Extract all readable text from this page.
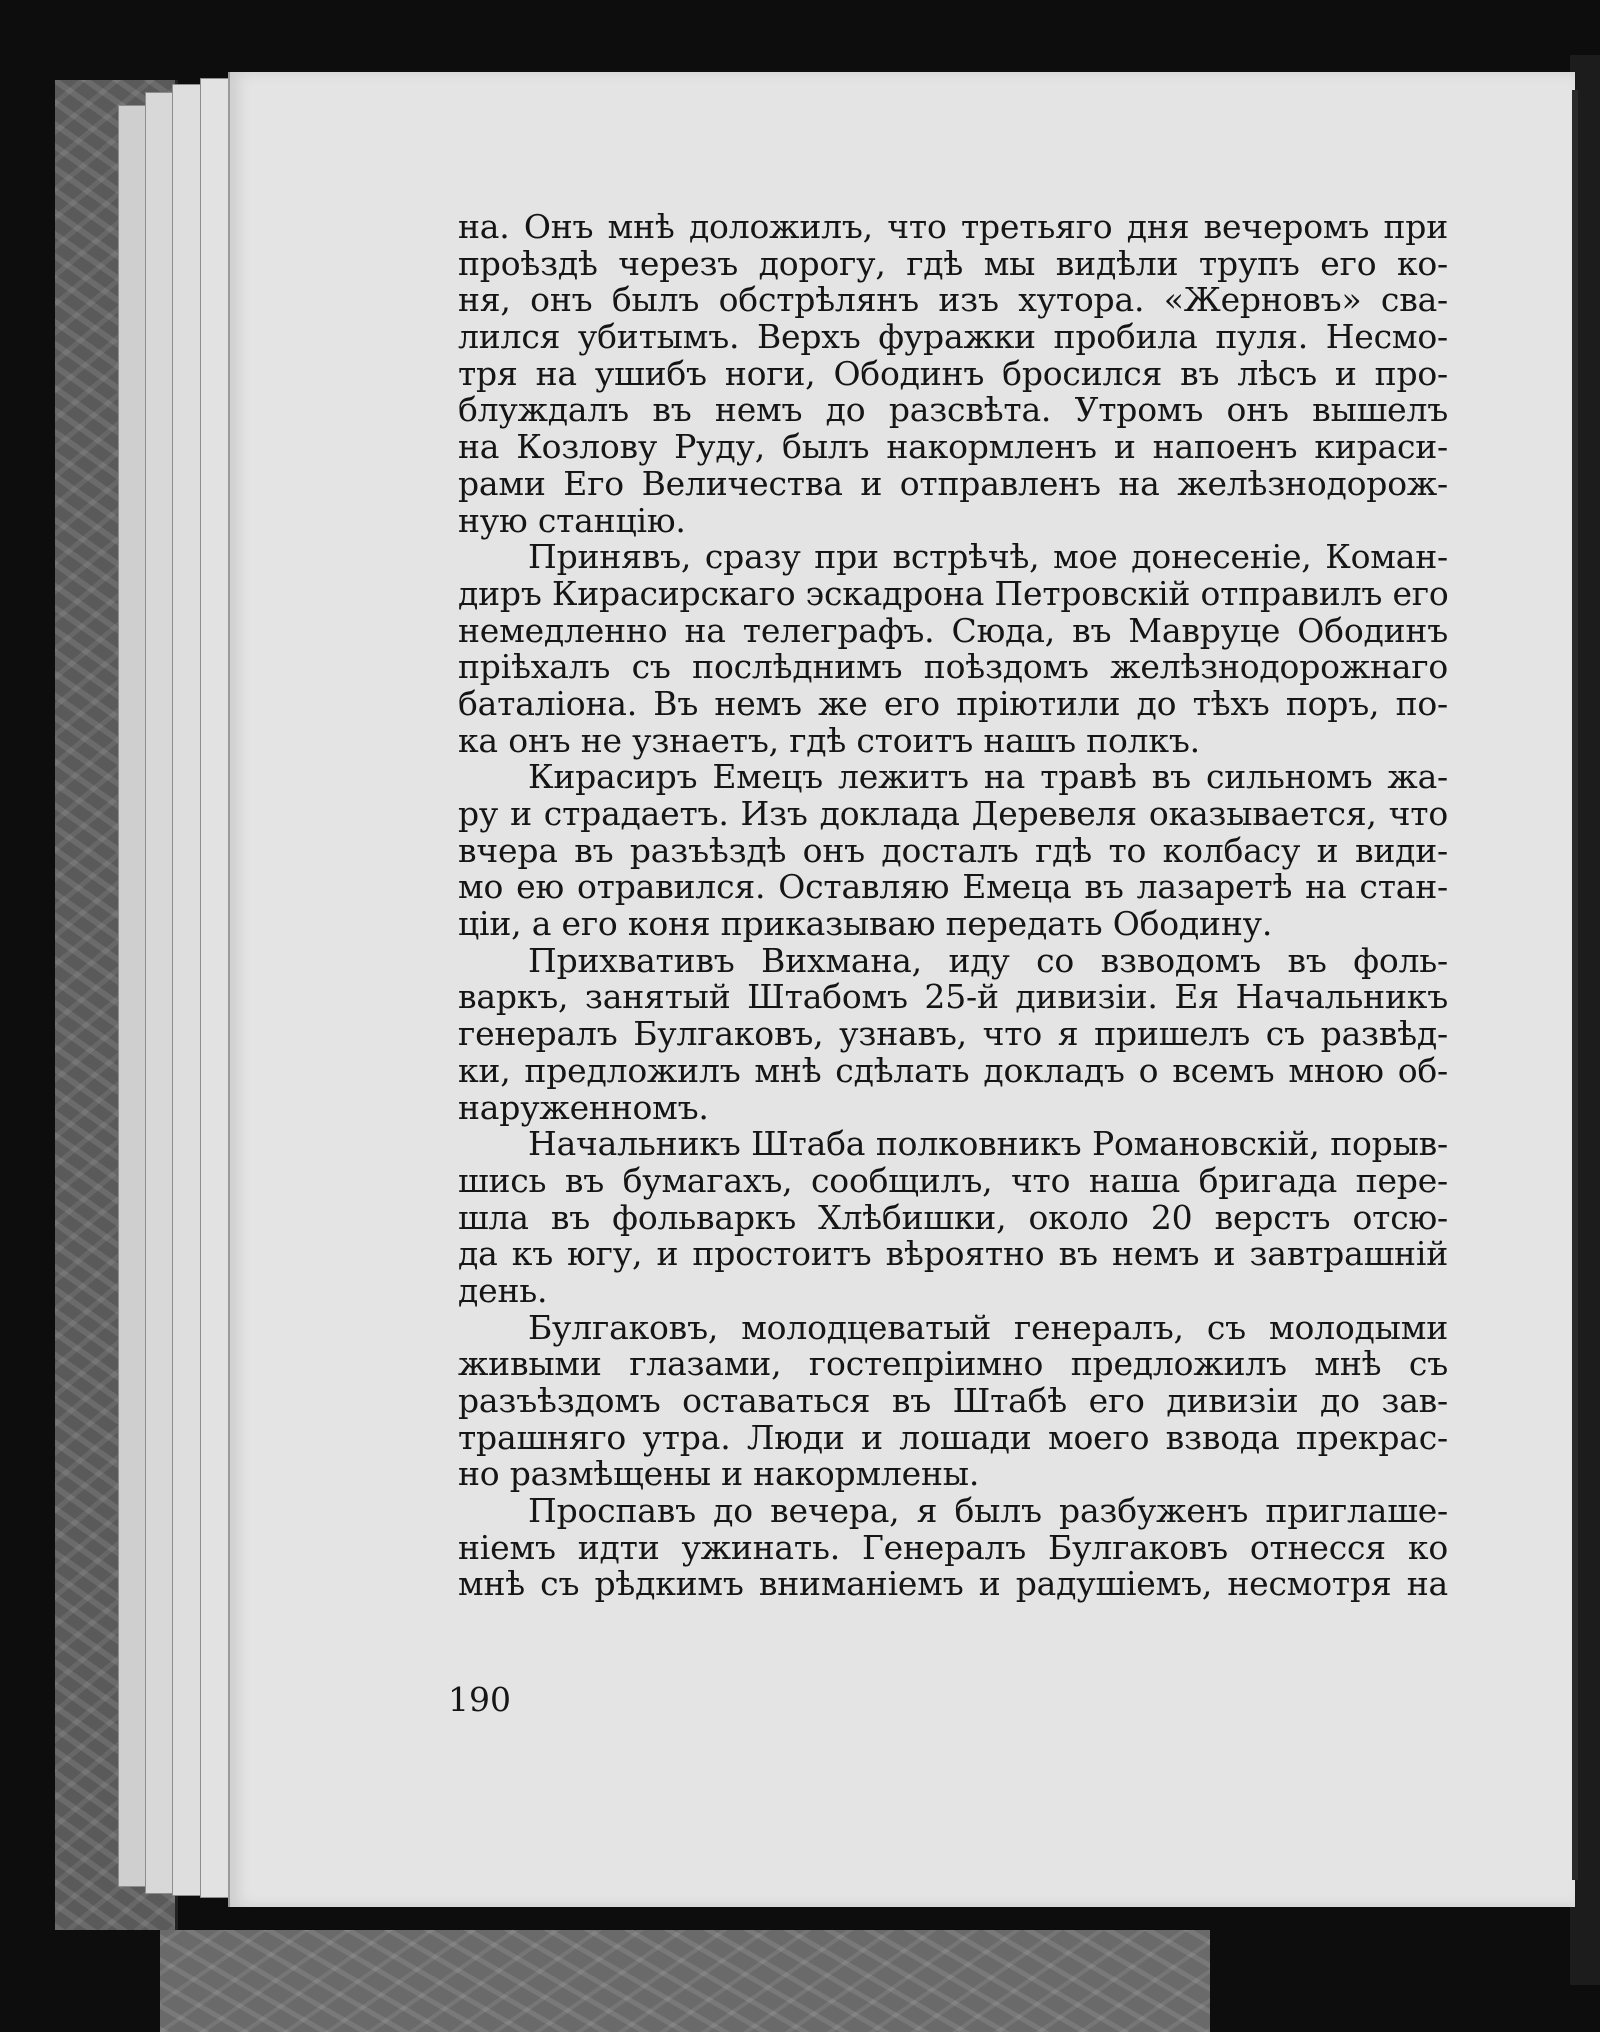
на. Онъ мнѣ доложилъ, что третьяго дня вечеромъ при
проѣздѣ черезъ дорогу, гдѣ мы видѣли трупъ его ко-
ня, онъ былъ обстрѣлянъ изъ хутора. «Жерновъ» сва-
лился убитымъ. Верхъ фуражки пробила пуля. Несмо-
тря на ушибъ ноги, Ободинъ бросился въ лѣсъ и про-
блуждалъ въ немъ до разсвѣта. Утромъ онъ вышелъ
на Козлову Руду, былъ накормленъ и напоенъ кираси-
рами Его Величества и отправленъ на желѣзнодорож-
ную станцію.
Принявъ, сразу при встрѣчѣ, мое донесеніе, Коман-
диръ Кирасирскаго эскадрона Петровскій отправилъ его
немедленно на телеграфъ. Сюда, въ Мавруце Ободинъ
пріѣхалъ съ послѣднимъ поѣздомъ желѣзнодорожнаго
баталіона. Въ немъ же его пріютили до тѣхъ поръ, по-
ка онъ не узнаетъ, гдѣ стоитъ нашъ полкъ.
Кирасиръ Емецъ лежитъ на травѣ въ сильномъ жа-
ру и страдаетъ. Изъ доклада Деревеля оказывается, что
вчера въ разъѣздѣ онъ досталъ гдѣ то колбасу и види-
мо ею отравился. Оставляю Емеца въ лазаретѣ на стан-
ціи, а его коня приказываю передать Ободину.
Прихвативъ Вихмана, иду со взводомъ въ фоль-
варкъ, занятый Штабомъ 25-й дивизіи. Ея Начальникъ
генералъ Булгаковъ, узнавъ, что я пришелъ съ развѣд-
ки, предложилъ мнѣ сдѣлать докладъ о всемъ мною об-
наруженномъ.
Начальникъ Штаба полковникъ Романовскій, порыв-
шись въ бумагахъ, сообщилъ, что наша бригада пере-
шла въ фольваркъ Хлѣбишки, около 20 верстъ отсю-
да къ югу, и простоитъ вѣроятно въ немъ и завтрашній
день.
Булгаковъ, молодцеватый генералъ, съ молодыми
живыми глазами, гостепріимно предложилъ мнѣ съ
разъѣздомъ оставаться въ Штабѣ его дивизіи до зав-
трашняго утра. Люди и лошади моего взвода прекрас-
но размѣщены и накормлены.
Проспавъ до вечера, я былъ разбуженъ приглаше-
ніемъ идти ужинать. Генералъ Булгаковъ отнесся ко
мнѣ съ рѣдкимъ вниманіемъ и радушіемъ, несмотря на
190
